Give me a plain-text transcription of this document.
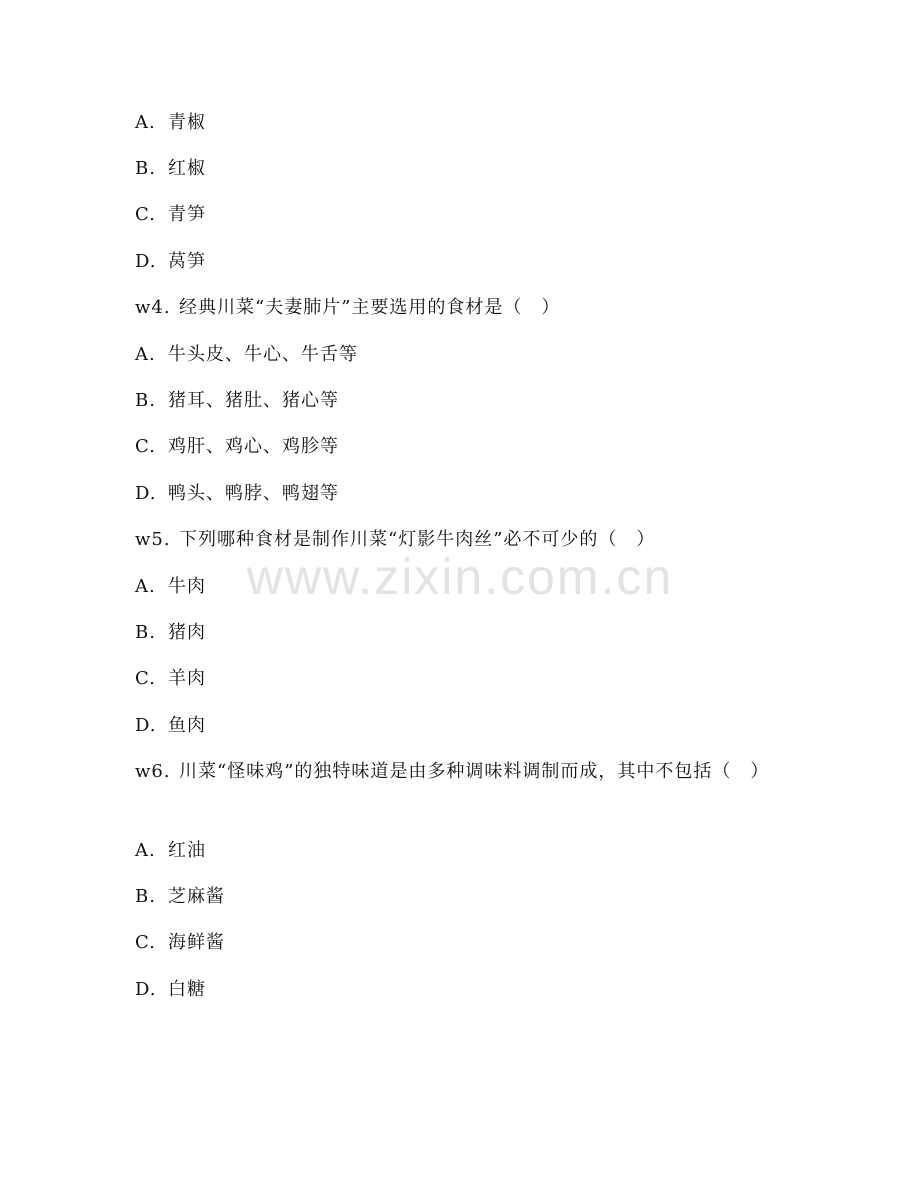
www.zixin.com.cn
A. 青椒
B. 红椒
C. 青笋
D. 莴笋
w4. 经典川菜“夫妻肺片”主要选用的食材是（　）
A. 牛头皮、牛心、牛舌等
B. 猪耳、猪肚、猪心等
C. 鸡肝、鸡心、鸡胗等
D. 鸭头、鸭脖、鸭翅等
w5. 下列哪种食材是制作川菜“灯影牛肉丝”必不可少的（　）
A. 牛肉
B. 猪肉
C. 羊肉
D. 鱼肉
w6. 川菜“怪味鸡”的独特味道是由多种调味料调制而成，其中不包括（　）
A. 红油
B. 芝麻酱
C. 海鲜酱
D. 白糖
